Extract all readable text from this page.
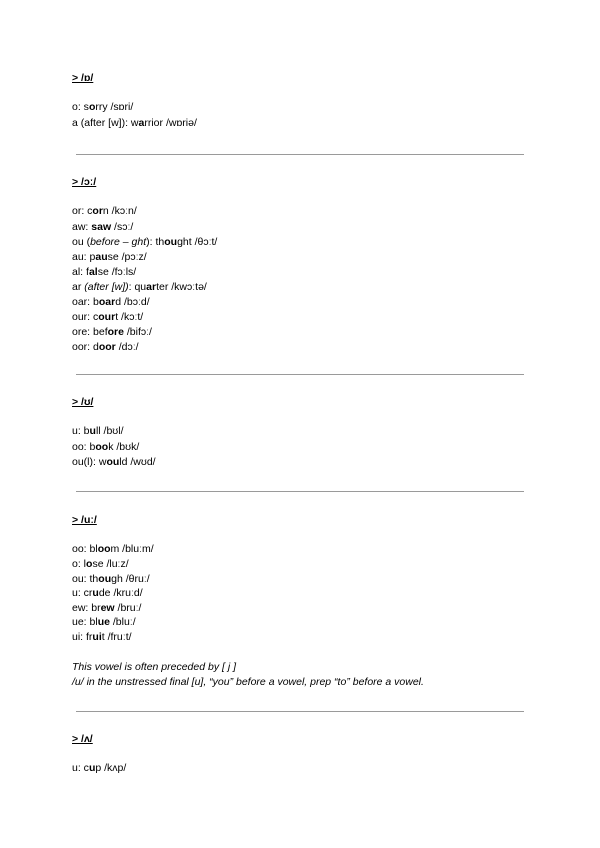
> /ɒ/
o: sorry /sɒri/
a (after [w]): warrior /wɒriə/
> /ɔː/
or: corn /kɔːn/
aw: saw /sɔː/
ou (before – ght): thought /θɔːt/
au: pause /pɔːz/
al: false /fɔːls/
ar (after [w]): quarter /kwɔːtə/
oar: board /bɔːd/
our: court /kɔːt/
ore: before /bifɔː/
oor: door /dɔː/
> /ʊ/
u: bull /bʊl/
oo: book /bʊk/
ou(l): would /wʊd/
> /uː/
oo: bloom /bluːm/
o: lose /luːz/
ou: though /θruː/
u: crude /kruːd/
ew: brew /bruː/
ue: blue /bluː/
ui: fruit /fruːt/
This vowel is often preceded by [ j ]
/u/ in the unstressed final [u], “you” before a vowel, prep “to” before a vowel.
> /ʌ/
u: cup /kʌp/
